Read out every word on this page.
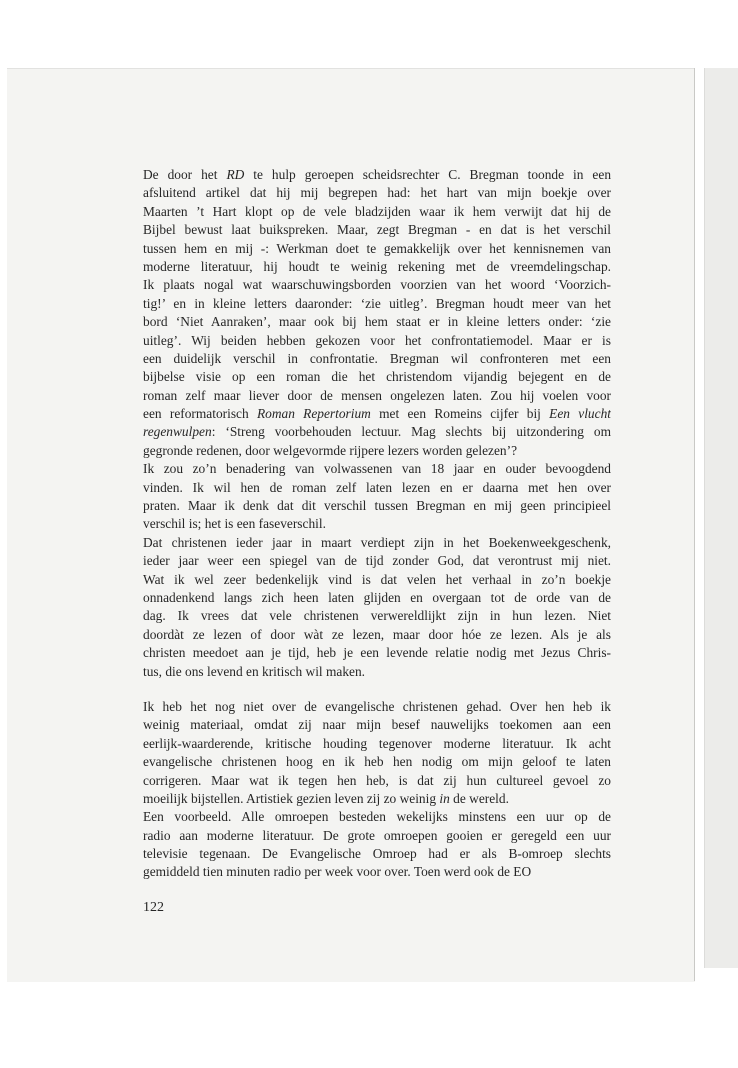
De door het RD te hulp geroepen scheidsrechter C. Bregman toonde in een
afsluitend artikel dat hij mij begrepen had: het hart van mijn boekje over
Maarten ’t Hart klopt op de vele bladzijden waar ik hem verwijt dat hij de
Bijbel bewust laat buikspreken. Maar, zegt Bregman - en dat is het verschil
tussen hem en mij -: Werkman doet te gemakkelijk over het kennisnemen van
moderne literatuur, hij houdt te weinig rekening met de vreemdelingschap.
Ik plaats nogal wat waarschuwingsborden voorzien van het woord ‘Voorzich-
tig!’ en in kleine letters daaronder: ‘zie uitleg’. Bregman houdt meer van het
bord ‘Niet Aanraken’, maar ook bij hem staat er in kleine letters onder: ‘zie
uitleg’. Wij beiden hebben gekozen voor het confrontatiemodel. Maar er is
een duidelijk verschil in confrontatie. Bregman wil confronteren met een
bijbelse visie op een roman die het christendom vijandig bejegent en de
roman zelf maar liever door de mensen ongelezen laten. Zou hij voelen voor
een reformatorisch Roman Repertorium met een Romeins cijfer bij Een vlucht
regenwulpen: ‘Streng voorbehouden lectuur. Mag slechts bij uitzondering om
gegronde redenen, door welgevormde rijpere lezers worden gelezen’?
Ik zou zo’n benadering van volwassenen van 18 jaar en ouder bevoogdend
vinden. Ik wil hen de roman zelf laten lezen en er daarna met hen over
praten. Maar ik denk dat dit verschil tussen Bregman en mij geen principieel
verschil is; het is een faseverschil.
Dat christenen ieder jaar in maart verdiept zijn in het Boekenweekgeschenk,
ieder jaar weer een spiegel van de tijd zonder God, dat verontrust mij niet.
Wat ik wel zeer bedenkelijk vind is dat velen het verhaal in zo’n boekje
onnadenkend langs zich heen laten glijden en overgaan tot de orde van de
dag. Ik vrees dat vele christenen verwereldlijkt zijn in hun lezen. Niet
doordàt ze lezen of door wàt ze lezen, maar door hóe ze lezen. Als je als
christen meedoet aan je tijd, heb je een levende relatie nodig met Jezus Chris-
tus, die ons levend en kritisch wil maken.
Ik heb het nog niet over de evangelische christenen gehad. Over hen heb ik
weinig materiaal, omdat zij naar mijn besef nauwelijks toekomen aan een
eerlijk-waarderende, kritische houding tegenover moderne literatuur. Ik acht
evangelische christenen hoog en ik heb hen nodig om mijn geloof te laten
corrigeren. Maar wat ik tegen hen heb, is dat zij hun cultureel gevoel zo
moeilijk bijstellen. Artistiek gezien leven zij zo weinig in de wereld.
Een voorbeeld. Alle omroepen besteden wekelijks minstens een uur op de
radio aan moderne literatuur. De grote omroepen gooien er geregeld een uur
televisie tegenaan. De Evangelische Omroep had er als B-omroep slechts
gemiddeld tien minuten radio per week voor over. Toen werd ook de EO
122
